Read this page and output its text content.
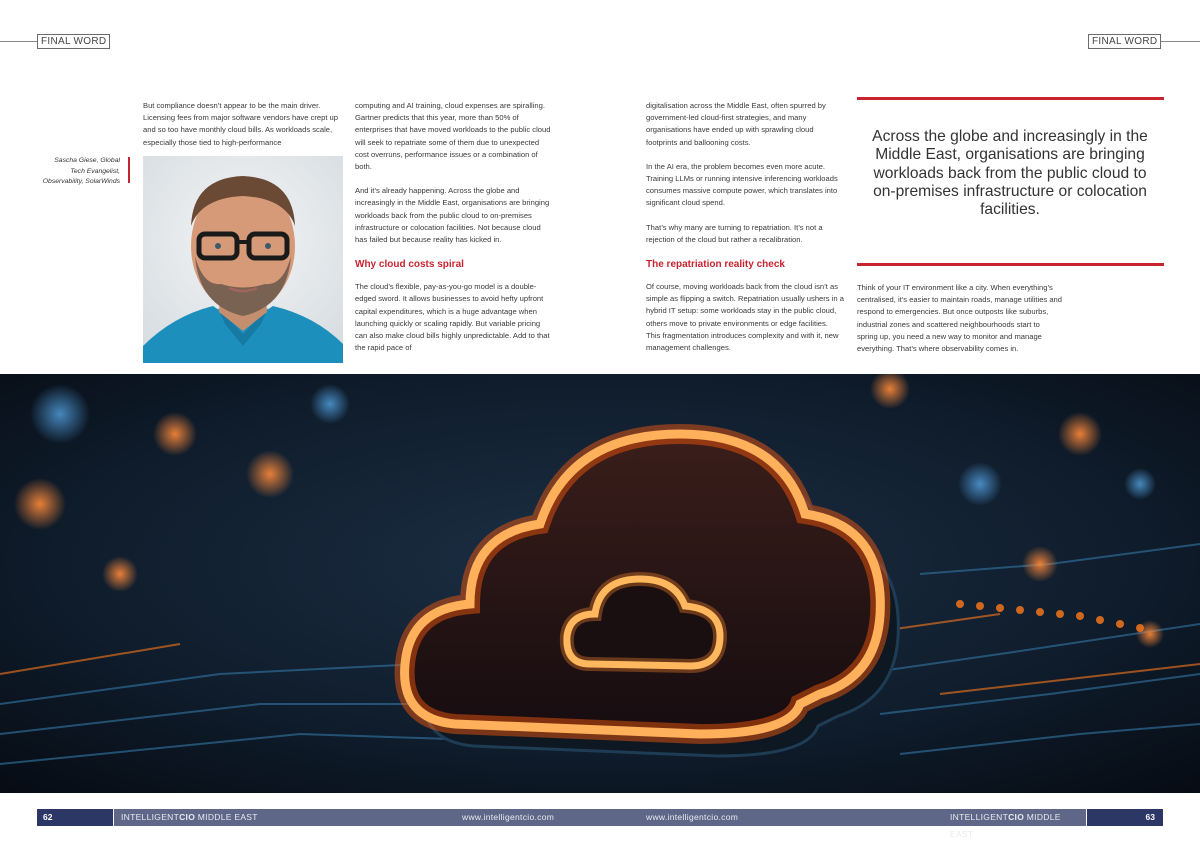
FINAL WORD	FINAL WORD
Sascha Giese, Global
Tech Evangelist,
Observability, SolarWinds

But compliance doesn’t appear to be the main driver. Licensing fees from major software vendors have crept up and so too have monthly cloud bills. As workloads scale, especially those tied to high-performance

computing and AI training, cloud expenses are spiralling. Gartner predicts that this year, more than 50% of enterprises that have moved workloads to the public cloud will seek to repatriate some of them due to unexpected cost overruns, performance issues or a combination of both.

And it’s already happening. Across the globe and increasingly in the Middle East, organisations are bringing workloads back from the public cloud to on-premises infrastructure or colocation facilities. Not because cloud has failed but because reality has kicked in.

Why cloud costs spiral

The cloud’s flexible, pay-as-you-go model is a double-edged sword. It allows businesses to avoid hefty upfront capital expenditures, which is a huge advantage when launching quickly or scaling rapidly. But variable pricing can also make cloud bills highly unpredictable. Add to that the rapid pace of

digitalisation across the Middle East, often spurred by government-led cloud-first strategies, and many organisations have ended up with sprawling cloud footprints and ballooning costs.

In the AI era, the problem becomes even more acute. Training LLMs or running intensive inferencing workloads consumes massive compute power, which translates into significant cloud spend.

That’s why many are turning to repatriation. It’s not a rejection of the cloud but rather a recalibration.

The repatriation reality check

Of course, moving workloads back from the cloud isn’t as simple as flipping a switch. Repatriation usually ushers in a hybrid IT setup: some workloads stay in the public cloud, others move to private environments or edge facilities. This fragmentation introduces complexity and with it, new management challenges.

Across the globe and increasingly in the Middle East, organisations are bringing workloads back from the public cloud to on-premises infrastructure or colocation facilities.

Think of your IT environment like a city. When everything’s centralised, it’s easier to maintain roads, manage utilities and respond to emergencies. But once outposts like suburbs, industrial zones and scattered neighbourhoods start to spring up, you need a new way to monitor and manage everything. That’s where observability comes in.

62	INTELLIGENTCIO MIDDLE EAST	www.intelligentcio.com	www.intelligentcio.com	INTELLIGENTCIO MIDDLE EAST
63
